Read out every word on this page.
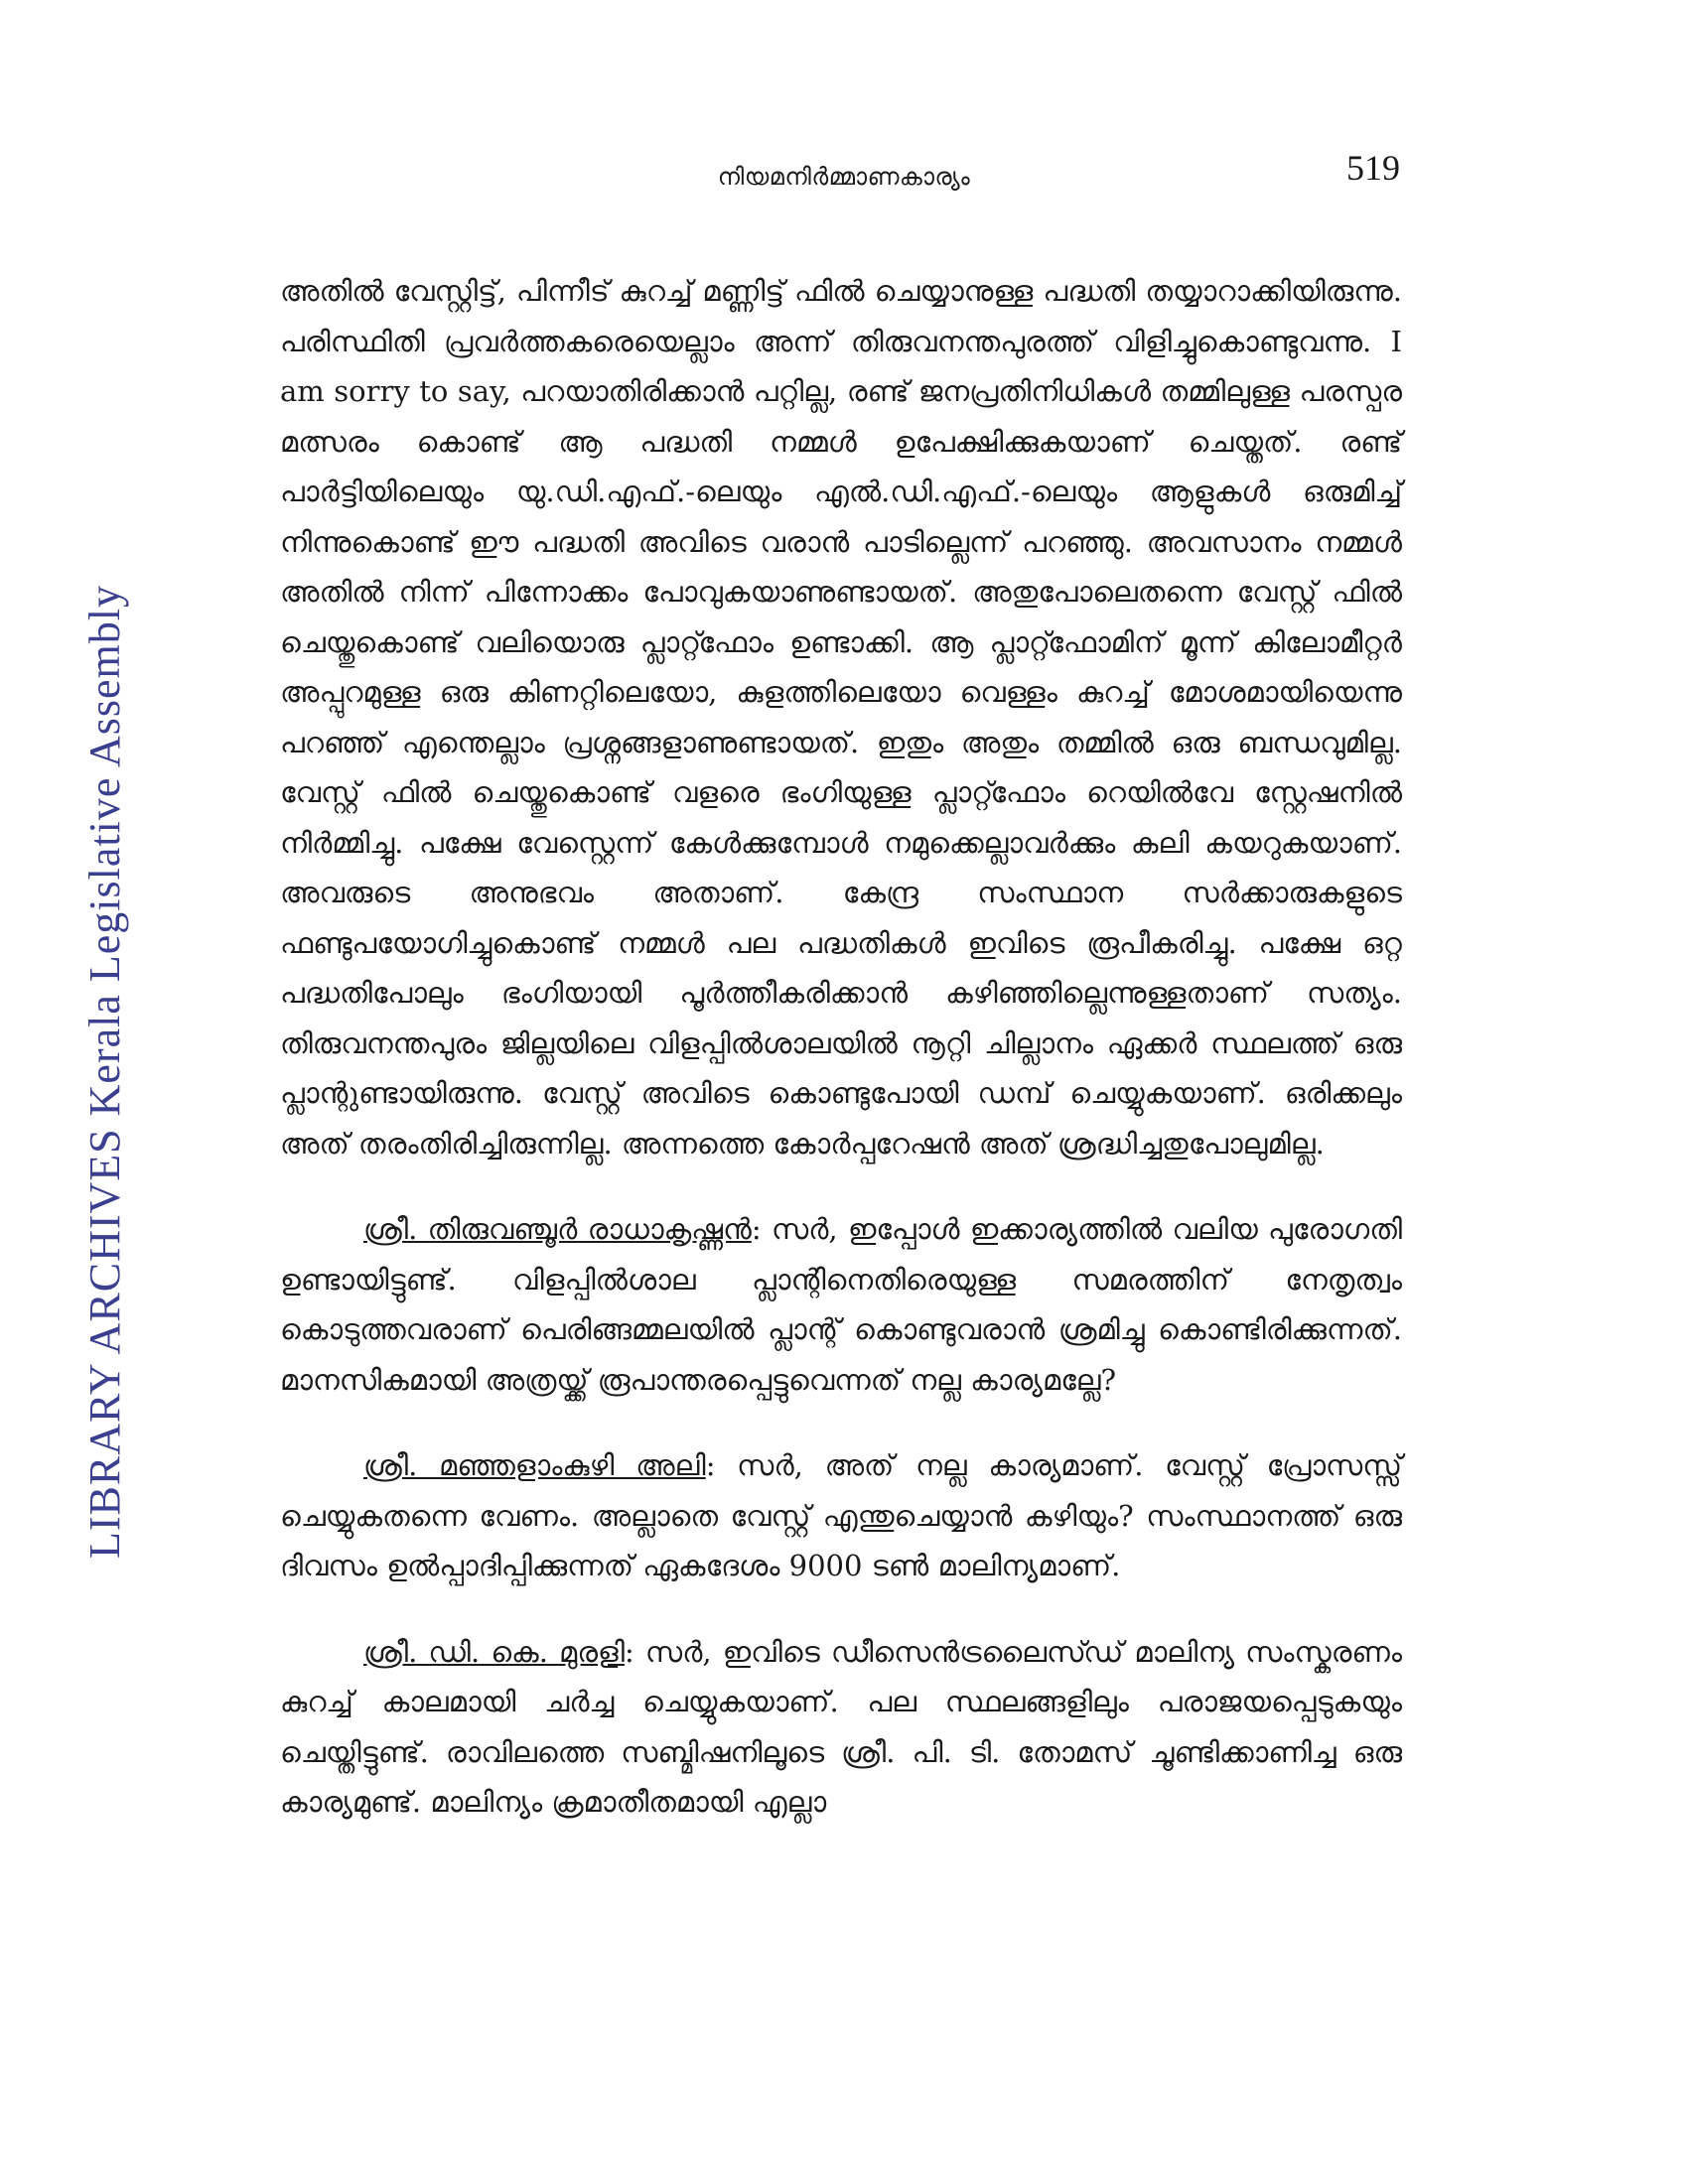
നിയമനിർമ്മാണകാര്യം	519
LIBRARY ARCHIVES Kerala Legislative Assembly

അതിൽ വേസ്റ്റിട്ട്, പിന്നീട് കുറച്ച് മണ്ണിട്ട് ഫിൽ ചെയ്യാനുള്ള പദ്ധതി തയ്യാറാക്കിയിരുന്നു. പരിസ്ഥിതി പ്രവർത്തകരെയെല്ലാം അന്ന് തിരുവനന്തപുരത്ത് വിളിച്ചുകൊണ്ടുവന്നു. I am sorry to say, പറയാതിരിക്കാൻ പറ്റില്ല, രണ്ട് ജനപ്രതിനിധികൾ തമ്മിലുള്ള പരസ്പര മത്സരം കൊണ്ട് ആ പദ്ധതി നമ്മൾ ഉപേക്ഷിക്കുകയാണ് ചെയ്തത്. രണ്ട് പാർട്ടിയിലെയും യു.ഡി.എഫ്.-ലെയും എൽ.ഡി.എഫ്.-ലെയും ആളുകൾ ഒരുമിച്ച് നിന്നുകൊണ്ട് ഈ പദ്ധതി അവിടെ വരാൻ പാടില്ലെന്ന് പറഞ്ഞു. അവസാനം നമ്മൾ അതിൽ നിന്ന് പിന്നോക്കം പോവുകയാണുണ്ടായത്. അതുപോലെതന്നെ വേസ്റ്റ് ഫിൽ ചെയ്തുകൊണ്ട് വലിയൊരു പ്ലാറ്റ്ഫോം ഉണ്ടാക്കി. ആ പ്ലാറ്റ്ഫോമിന് മൂന്ന് കിലോമീറ്റർ അപ്പുറമുള്ള ഒരു കിണറ്റിലെയോ, കുളത്തിലെയോ വെള്ളം കുറച്ച് മോശമായിയെന്നു പറഞ്ഞ് എന്തെല്ലാം പ്രശ്നങ്ങളാണുണ്ടായത്. ഇതും അതും തമ്മിൽ ഒരു ബന്ധവുമില്ല. വേസ്റ്റ് ഫിൽ ചെയ്തുകൊണ്ട് വളരെ ഭംഗിയുള്ള പ്ലാറ്റ്ഫോം റെയിൽവേ സ്റ്റേഷനിൽ നിർമ്മിച്ചു. പക്ഷേ വേസ്റ്റെന്ന് കേൾക്കുമ്പോൾ നമുക്കെല്ലാവർക്കും കലി കയറുകയാണ്. അവരുടെ അനുഭവം അതാണ്. കേന്ദ്ര സംസ്ഥാന സർക്കാരുകളുടെ ഫണ്ടുപയോഗിച്ചുകൊണ്ട് നമ്മൾ പല പദ്ധതികൾ ഇവിടെ രൂപീകരിച്ചു. പക്ഷേ ഒറ്റ പദ്ധതിപോലും ഭംഗിയായി പൂർത്തീകരിക്കാൻ കഴിഞ്ഞില്ലെന്നുള്ളതാണ് സത്യം. തിരുവനന്തപുരം ജില്ലയിലെ വിളപ്പിൽശാലയിൽ നൂറ്റി ചില്ലാനം ഏക്കർ സ്ഥലത്ത് ഒരു പ്ലാന്റുണ്ടായിരുന്നു. വേസ്റ്റ് അവിടെ കൊണ്ടുപോയി ഡമ്പ് ചെയ്യുകയാണ്. ഒരിക്കലും അത് തരംതിരിച്ചിരുന്നില്ല. അന്നത്തെ കോർപ്പറേഷൻ അത് ശ്രദ്ധിച്ചതുപോലുമില്ല.

ശ്രീ. തിരുവഞ്ചൂർ രാധാകൃഷ്ണൻ: സർ, ഇപ്പോൾ ഇക്കാര്യത്തിൽ വലിയ പുരോഗതി ഉണ്ടായിട്ടുണ്ട്. വിളപ്പിൽശാല പ്ലാന്റിനെതിരെയുള്ള സമരത്തിന് നേതൃത്വം കൊടുത്തവരാണ് പെരിങ്ങമ്മലയിൽ പ്ലാന്റ് കൊണ്ടുവരാൻ ശ്രമിച്ചു കൊണ്ടിരിക്കുന്നത്. മാനസികമായി അത്രയ്ക്ക് രൂപാന്തരപ്പെട്ടുവെന്നത് നല്ല കാര്യമല്ലേ?

ശ്രീ. മഞ്ഞളാംകുഴി അലി: സർ, അത് നല്ല കാര്യമാണ്. വേസ്റ്റ് പ്രോസസ്സ് ചെയ്യുകതന്നെ വേണം. അല്ലാതെ വേസ്റ്റ് എന്തുചെയ്യാൻ കഴിയും? സംസ്ഥാനത്ത് ഒരു ദിവസം ഉൽപ്പാദിപ്പിക്കുന്നത് ഏകദേശം 9000 ടൺ മാലിന്യമാണ്.

ശ്രീ. ഡി. കെ. മുരളി: സർ, ഇവിടെ ഡീസെൻട്രലൈസ്ഡ് മാലിന്യ സംസ്കരണം കുറച്ച് കാലമായി ചർച്ച ചെയ്യുകയാണ്. പല സ്ഥലങ്ങളിലും പരാജയപ്പെടുകയും ചെയ്തിട്ടുണ്ട്. രാവിലത്തെ സബ്മിഷനിലൂടെ ശ്രീ. പി. ടി. തോമസ് ചൂണ്ടിക്കാണിച്ച ഒരു കാര്യമുണ്ട്. മാലിന്യം ക്രമാതീതമായി എല്ലാ
